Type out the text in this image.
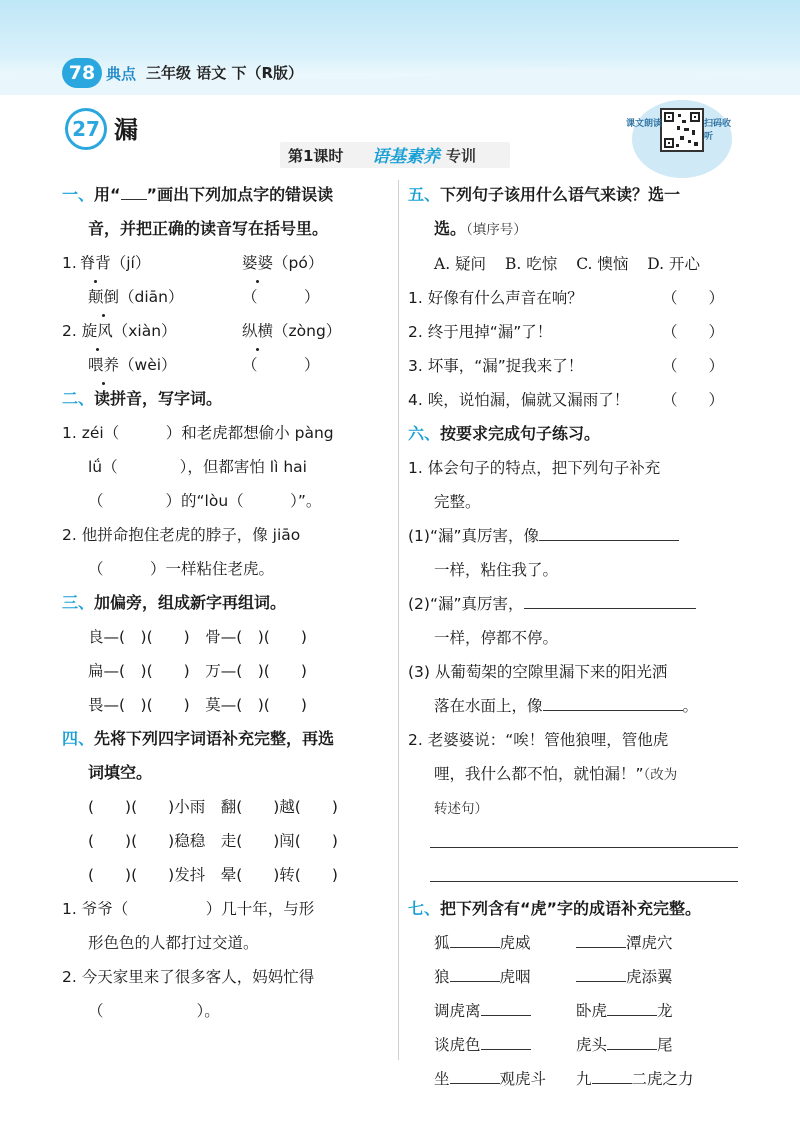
78 典点 三年级 语文 下（R版）
27 漏
第1课时 语基素养 专训
课文朗读	扫码收听
一、用“ ”画出下列加点字的错误读
音，并把正确的读音写在括号里。
1. 脊背（jí）	婆婆（pó）
颠倒（diān）	（　　　）
2. 旋风（xiàn）	纵横（zòng）
喂养（wèi）	（　　　）
二、读拼音，写字词。
1. zéi（　　　）和老虎都想偷小 pàng
lǘ（　　　　），但都害怕 lì hai
（　　　　）的“lòu（　　　）”。
2. 他拼命抱住老虎的脖子，像 jiāo
（　　　）一样粘住老虎。
三、加偏旁，组成新字再组词。
良—(　)(　　)　骨—(　)(　　)
扁—(　)(　　)　万—(　)(　　)
畏—(　)(　　)　莫—(　)(　　)
四、先将下列四字词语补充完整，再选
词填空。
(　　)(　　)小雨　翻(　　)越(　　)
(　　)(　　)稳稳　走(　　)闯(　　)
(　　)(　　)发抖　晕(　　)转(　　)
1. 爷爷（　　　　　）几十年，与形
形色色的人都打过交道。
2. 今天家里来了很多客人，妈妈忙得
（　　　　　　）。
五、下列句子该用什么语气来读？选一
选。（填序号）
A. 疑问 B. 吃惊 C. 懊恼 D. 开心
1. 好像有什么声音在响？	（　　）
2. 终于甩掉“漏”了！	（　　）
3. 坏事，“漏”捉我来了！	（　　）
4. 唉，说怕漏，偏就又漏雨了！ （　　）
六、按要求完成句子练习。
1. 体会句子的特点，把下列句子补充
完整。
(1)“漏”真厉害，像
一样，粘住我了。
(2)“漏”真厉害，
一样，停都不停。
(3) 从葡萄架的空隙里漏下来的阳光洒
落在水面上，像	。
2. 老婆婆说：“唉！管他狼哩，管他虎
哩，我什么都不怕，就怕漏！”（改为
转述句）
七、把下列含有“虎”字的成语补充完整。
狐	虎威	潭虎穴
狼	虎咽	虎添翼
调虎离	卧虎	龙
谈虎色	虎头	尾
坐	观虎斗 九	二虎之力
